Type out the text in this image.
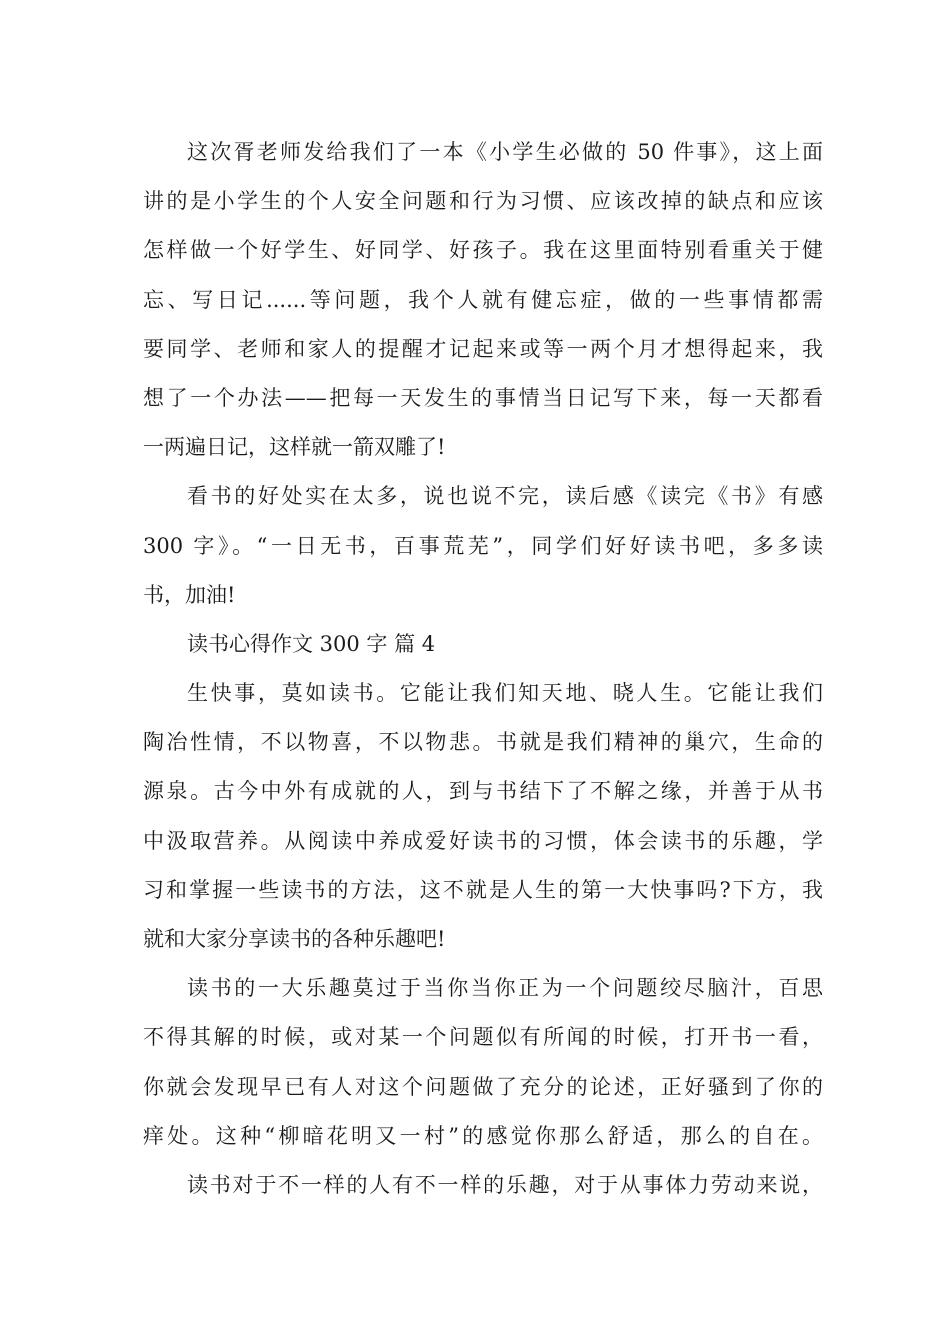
这次胥老师发给我们了一本《小学生必做的 50 件事》，这上面
讲的是小学生的个人安全问题和行为习惯、应该改掉的缺点和应该
怎样做一个好学生、好同学、好孩子。我在这里面特别看重关于健
忘、写日记......等问题，我个人就有健忘症，做的一些事情都需
要同学、老师和家人的提醒才记起来或等一两个月才想得起来，我
想了一个办法——把每一天发生的事情当日记写下来，每一天都看
一两遍日记，这样就一箭双雕了!
看书的好处实在太多，说也说不完，读后感《读完《书》有感
300 字》。“一日无书，百事荒芜”，同学们好好读书吧，多多读
书，加油!
读书心得作文 300 字 篇 4
生快事，莫如读书。它能让我们知天地、晓人生。它能让我们
陶冶性情，不以物喜，不以物悲。书就是我们精神的巢穴，生命的
源泉。古今中外有成就的人，到与书结下了不解之缘，并善于从书
中汲取营养。从阅读中养成爱好读书的习惯，体会读书的乐趣，学
习和掌握一些读书的方法，这不就是人生的第一大快事吗?下方，我
就和大家分享读书的各种乐趣吧!
读书的一大乐趣莫过于当你当你正为一个问题绞尽脑汁，百思
不得其解的时候，或对某一个问题似有所闻的时候，打开书一看，
你就会发现早已有人对这个问题做了充分的论述，正好骚到了你的
痒处。这种“柳暗花明又一村”的感觉你那么舒适，那么的自在。
读书对于不一样的人有不一样的乐趣，对于从事体力劳动来说，
